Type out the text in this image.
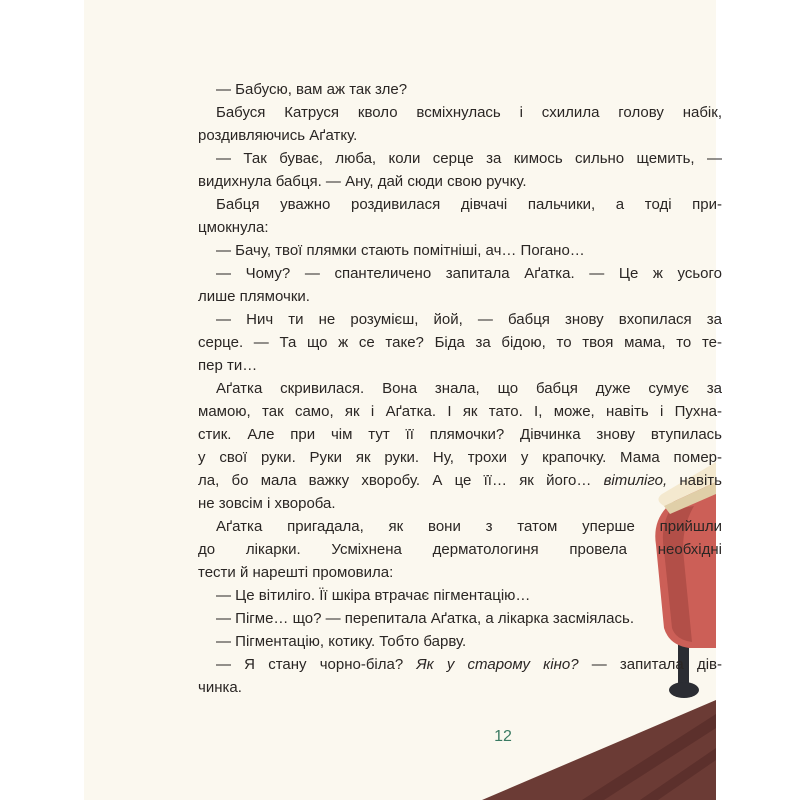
— Бабусю, вам аж так зле?
Бабуся Катруся кволо всміхнулась і схилила голову набік,
роздивляючись Аґатку.
— Так буває, люба, коли серце за кимось сильно щемить, —
видихнула бабця. — Ану, дай сюди свою ручку.
Бабця уважно роздивилася дівчачі пальчики, а тоді при-
цмокнула:
— Бачу, твої плямки стають помітніші, ач… Погано…
— Чому? — спантеличено запитала Аґатка. — Це ж усього
лише плямочки.
— Нич ти не розумієш, йой, — бабця знову вхопилася за
серце. — Та що ж се таке? Біда за бідою, то твоя мама, то те-
пер ти…
Аґатка скривилася. Вона знала, що бабця дуже сумує за
мамою, так само, як і Аґатка. І як тато. І, може, навіть і Пухна-
стик. Але при чім тут її плямочки? Дівчинка знову втупилась
у свої руки. Руки як руки. Ну, трохи у крапочку. Мама помер-
ла, бо мала важку хворобу. А це її… як його… вітиліго, навіть
не зовсім і хвороба.
Аґатка пригадала, як вони з татом уперше прийшли
до лікарки. Усміхнена дерматологиня провела необхідні
тести й нарешті промовила:
— Це вітиліго. Її шкіра втрачає пігментацію…
— Пігме… що? — перепитала Аґатка, а лікарка засміялась.
— Пігментацію, котику. Тобто барву.
— Я стану чорно-біла? Як у старому кіно? — запитала дів-
чинка.
12
